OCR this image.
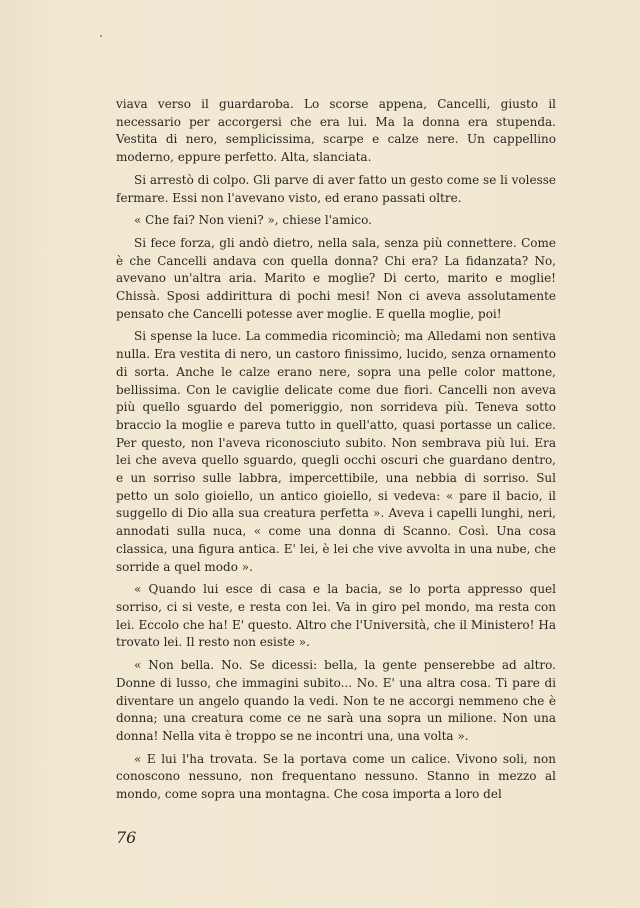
viava verso il guardaroba. Lo scorse appena, Cancelli, giusto il necessario per accorgersi che era lui. Ma la donna era stupenda. Vestita di nero, semplicissima, scarpe e calze nere. Un cappellino moderno, eppure perfetto. Alta, slanciata.

Si arrestò di colpo. Gli parve di aver fatto un gesto come se li volesse fermare. Essi non l'avevano visto, ed erano passati oltre.

« Che fai? Non vieni? », chiese l'amico.

Si fece forza, gli andò dietro, nella sala, senza più connettere. Come è che Cancelli andava con quella donna? Chi era? La fidanzata? No, avevano un'altra aria. Marito e moglie? Di certo, marito e moglie! Chissà. Sposi addirittura di pochi mesi! Non ci aveva assolutamente pensato che Cancelli potesse aver moglie. E quella moglie, poi!

Si spense la luce. La commedia ricominciò; ma Alledami non sentiva nulla. Era vestita di nero, un castoro finissimo, lucido, senza ornamento di sorta. Anche le calze erano nere, sopra una pelle color mattone, bellissima. Con le caviglie delicate come due fiori. Cancelli non aveva più quello sguardo del pomeriggio, non sorrideva più. Teneva sotto braccio la moglie e pareva tutto in quell'atto, quasi portasse un calice. Per questo, non l'aveva riconosciuto subito. Non sembrava più lui. Era lei che aveva quello sguardo, quegli occhi oscuri che guardano dentro, e un sorriso sulle labbra, impercettibile, una nebbia di sorriso. Sul petto un solo gioiello, un antico gioiello, si vedeva: « pare il bacio, il suggello di Dio alla sua creatura perfetta ». Aveva i capelli lunghi, neri, annodati sulla nuca, « come una donna di Scanno. Così. Una cosa classica, una figura antica. E' lei, è lei che vive avvolta in una nube, che sorride a quel modo ».

« Quando lui esce di casa e la bacia, se lo porta appresso quel sorriso, ci si veste, e resta con lei. Va in giro pel mondo, ma resta con lei. Eccolo che ha! E' questo. Altro che l'Università, che il Ministero! Ha trovato lei. Il resto non esiste ».

« Non bella. No. Se dicessi: bella, la gente penserebbe ad altro. Donne di lusso, che immagini subito... No. E' una altra cosa. Ti pare di diventare un angelo quando la vedi. Non te ne accorgi nemmeno che è donna; una creatura come ce ne sarà una sopra un milione. Non una donna! Nella vita è troppo se ne incontri una, una volta ».

« E lui l'ha trovata. Se la portava come un calice. Vivono soli, non conoscono nessuno, non frequentano nessuno. Stanno in mezzo al mondo, come sopra una montagna. Che cosa importa a loro del

76
